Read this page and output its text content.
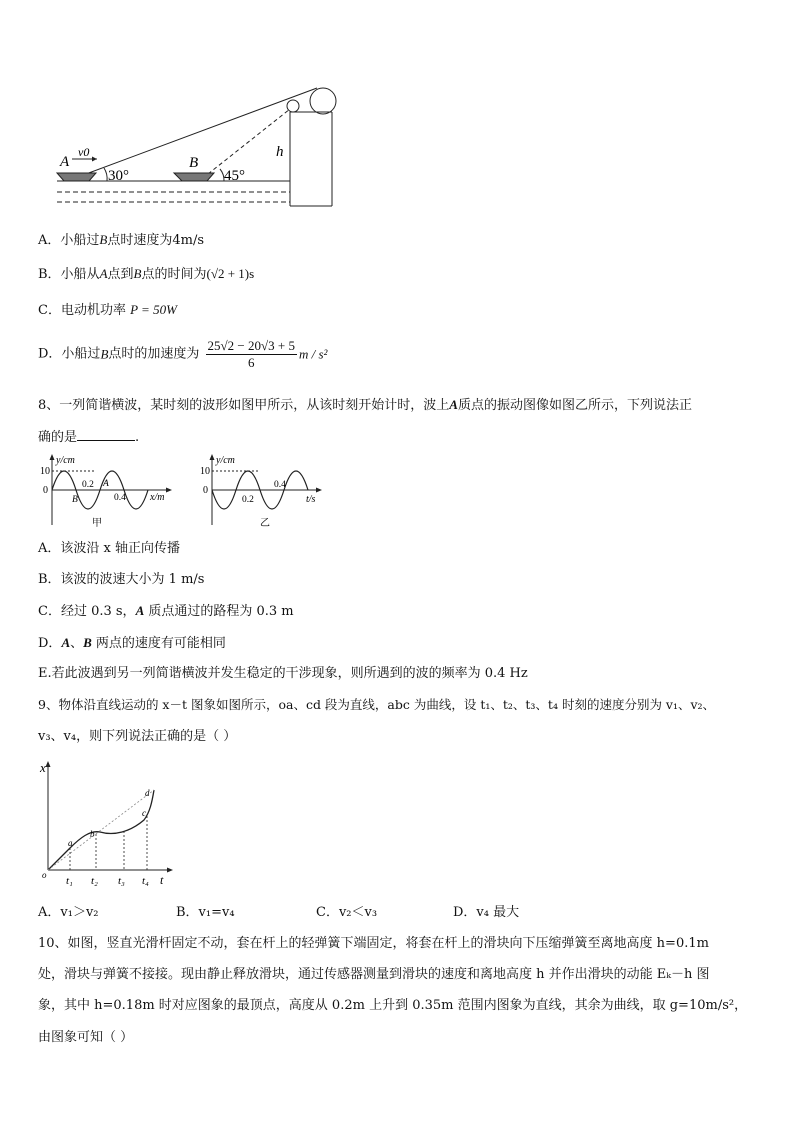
A
v0
30°
B
45°
h
A．小船过B点时速度为4m/s
B．小船从A点到B点的时间为(√2 + 1)s
C．电动机功率 P = 50W
D．小船过B点时的加速度为 $\frac{25√2 - 20√3 + 5}{6}$ m / s²
8、一列简谐横波，某时刻的波形如图甲所示，从该时刻开始计时，波上A质点的振动图像如图乙所示，下列说法正
确的是	.
y/cm
10
0	0.2 A
0.4
B	x/m
甲
y/cm
10
0
0.2
0.4
t/s
乙
A．该波沿 x 轴正向传播
B．该波的波速大小为 1 m/s
C．经过 0.3 s，A 质点通过的路程为 0.3 m
D．A、B 两点的速度有可能相同
E.若此波遇到另一列简谐横波并发生稳定的干涉现象，则所遇到的波的频率为 0.4 Hz
9、物体沿直线运动的 x－t 图象如图所示，oa、cd 段为直线，abc 为曲线，设 t₁、t₂、t₃、t₄ 时刻的速度分别为 v₁、v₂、
v₃、v₄，则下列说法正确的是（ ）
x
o
a
b
c
d
t₁ t₂ t₃ t₄ t
A．v₁＞v₂	B．v₁=v₄	C．v₂＜v₃	D．v₄ 最大
10、如图，竖直光滑杆固定不动，套在杆上的轻弹簧下端固定，将套在杆上的滑块向下压缩弹簧至离地高度 h=0.1m
处，滑块与弹簧不接接。现由静止释放滑块，通过传感器测量到滑块的速度和离地高度 h 并作出滑块的动能 Eₖ－h 图
象，其中 h=0.18m 时对应图象的最顶点，高度从 0.2m 上升到 0.35m 范围内图象为直线，其余为曲线，取 g=10m/s²，
由图象可知（ ）
